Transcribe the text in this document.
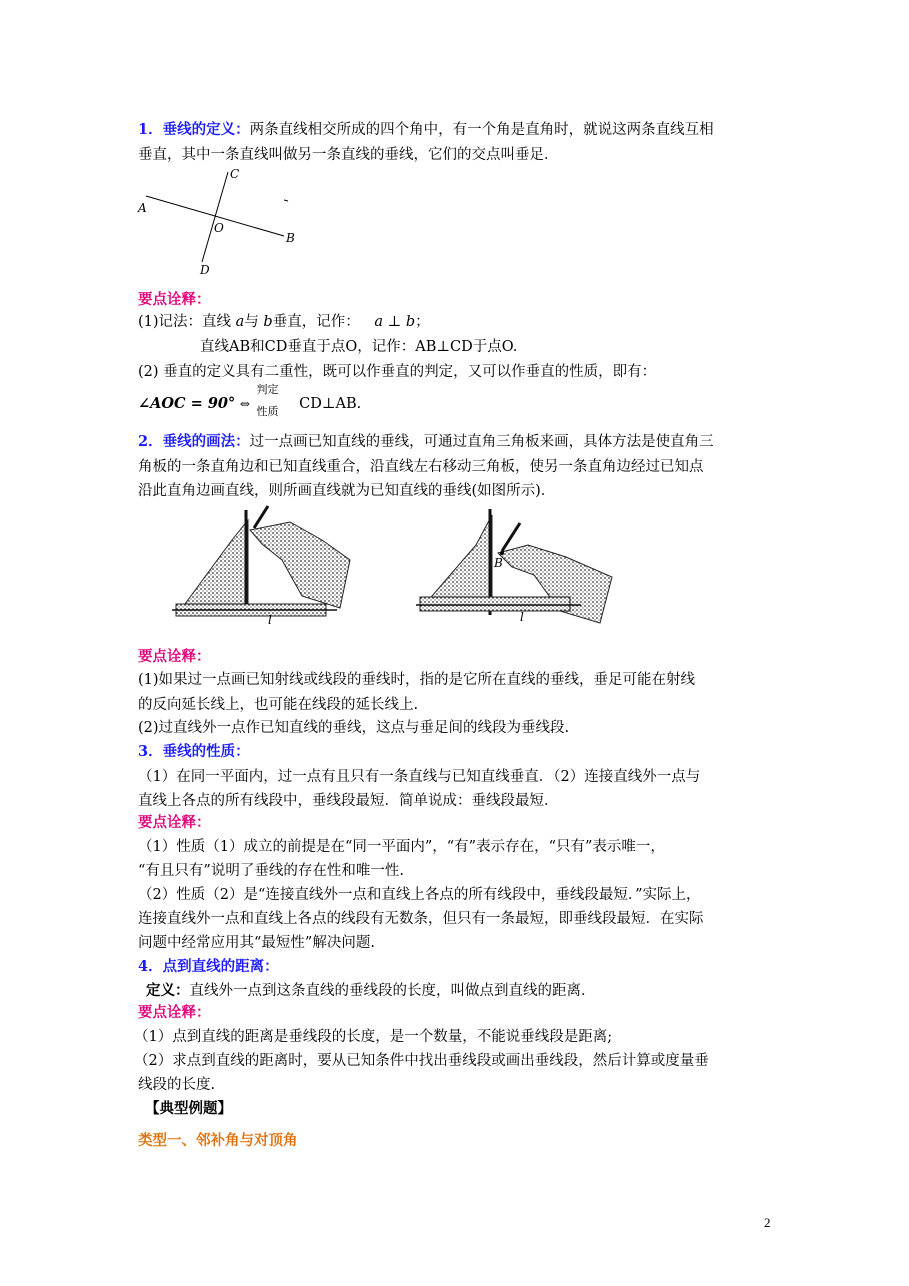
1．垂线的定义：两条直线相交所成的四个角中，有一个角是直角时，就说这两条直线互相
垂直，其中一条直线叫做另一条直线的垂线，它们的交点叫垂足．
C
A
O
B
D
要点诠释：
(1)记法：直线 a与 b垂直，记作： a ⊥ b；
直线AB和CD垂直于点O，记作：AB⊥CD于点O.
(2) 垂直的定义具有二重性，既可以作垂直的判定，又可以作垂直的性质，即有：
∠AOC = 90° ⇔
判定
性质 CD⊥AB.
2．垂线的画法：过一点画已知直线的垂线，可通过直角三角板来画，具体方法是使直角三
角板的一条直角边和已知直线重合，沿直线左右移动三角板，使另一条直角边经过已知点
沿此直角边画直线，则所画直线就为已知直线的垂线(如图所示)．
l
B
l
要点诠释：
(1)如果过一点画已知射线或线段的垂线时，指的是它所在直线的垂线，垂足可能在射线
的反向延长线上，也可能在线段的延长线上.
(2)过直线外一点作已知直线的垂线，这点与垂足间的线段为垂线段.
3．垂线的性质：
（1）在同一平面内，过一点有且只有一条直线与已知直线垂直．（2）连接直线外一点与
直线上各点的所有线段中，垂线段最短．简单说成：垂线段最短．
要点诠释：
（1）性质（1）成立的前提是在“同一平面内”，“有”表示存在，“只有”表示唯一，
“有且只有”说明了垂线的存在性和唯一性.
（2）性质（2）是“连接直线外一点和直线上各点的所有线段中，垂线段最短．”实际上，
连接直线外一点和直线上各点的线段有无数条，但只有一条最短，即垂线段最短．在实际
问题中经常应用其“最短性”解决问题.
4．点到直线的距离：
定义：直线外一点到这条直线的垂线段的长度，叫做点到直线的距离．
要点诠释：
（1）点到直线的距离是垂线段的长度，是一个数量，不能说垂线段是距离;
（2）求点到直线的距离时，要从已知条件中找出垂线段或画出垂线段，然后计算或度量垂
线段的长度.
【典型例题】
类型一、邻补角与对顶角
2
